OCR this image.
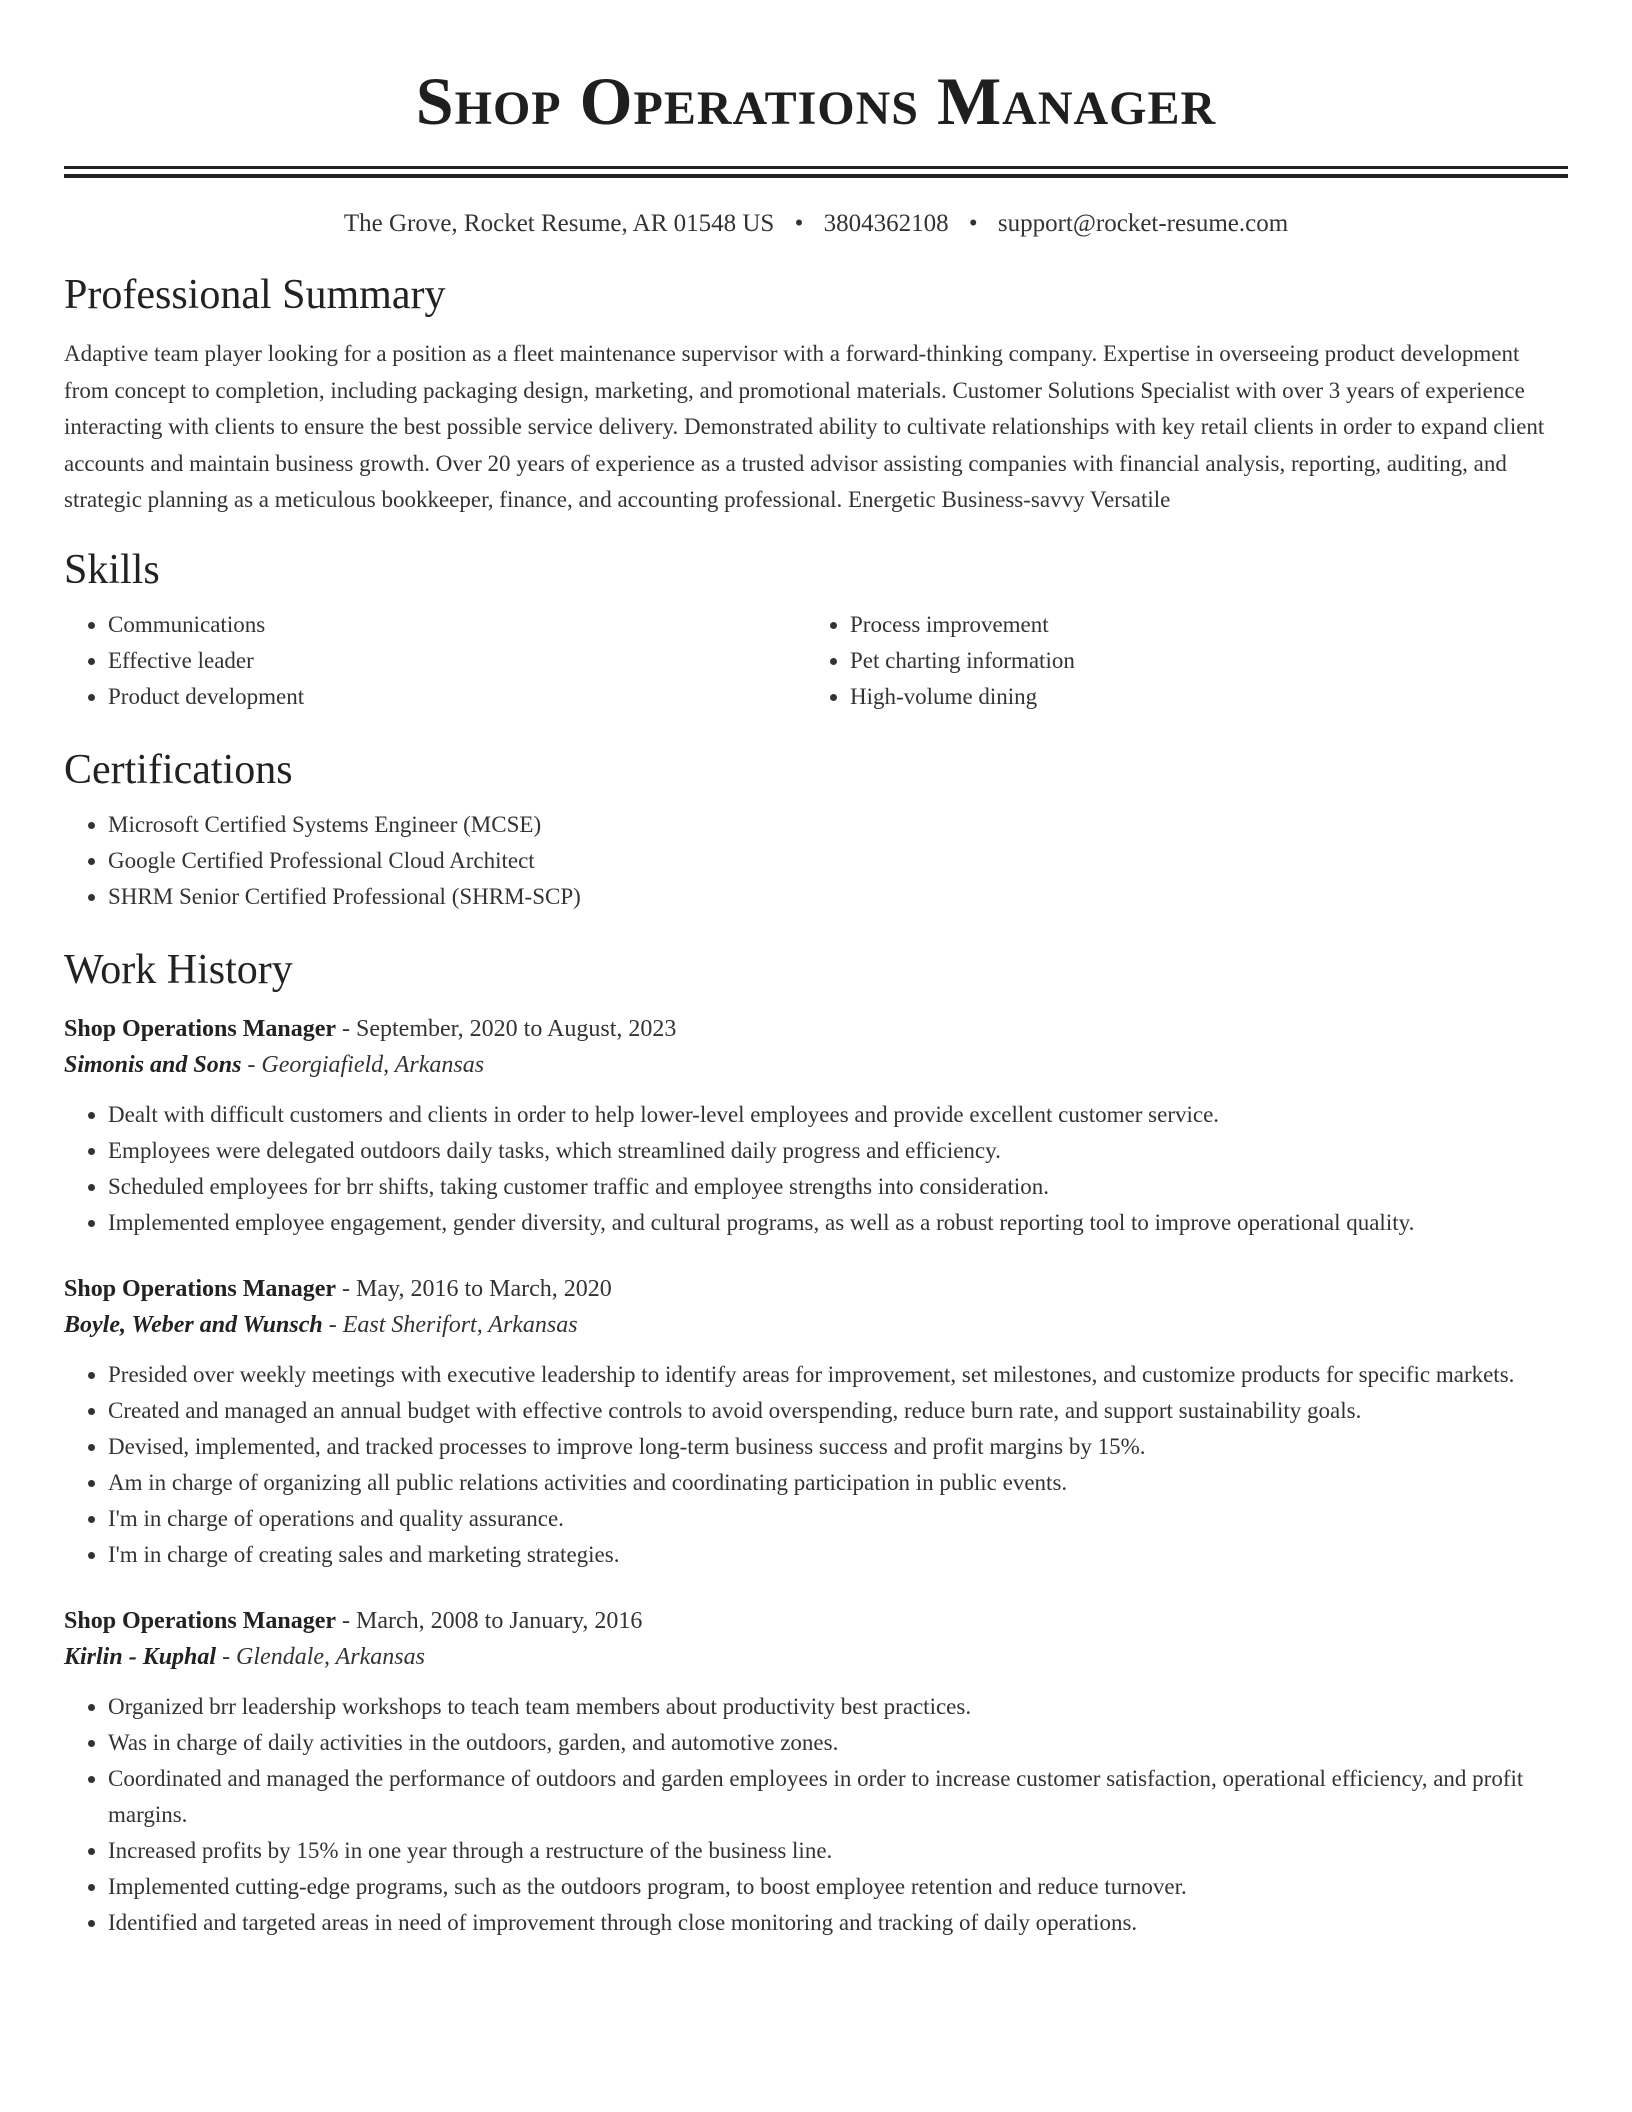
Shop Operations Manager
The Grove, Rocket Resume, AR 01548 US • 3804362108 • support@rocket-resume.com
Professional Summary
Adaptive team player looking for a position as a fleet maintenance supervisor with a forward-thinking company. Expertise in overseeing product development from concept to completion, including packaging design, marketing, and promotional materials. Customer Solutions Specialist with over 3 years of experience interacting with clients to ensure the best possible service delivery. Demonstrated ability to cultivate relationships with key retail clients in order to expand client accounts and maintain business growth. Over 20 years of experience as a trusted advisor assisting companies with financial analysis, reporting, auditing, and strategic planning as a meticulous bookkeeper, finance, and accounting professional. Energetic Business-savvy Versatile
Skills
• Communications
• Effective leader
• Product development
• Process improvement
• Pet charting information
• High-volume dining
Certifications
• Microsoft Certified Systems Engineer (MCSE)
• Google Certified Professional Cloud Architect
• SHRM Senior Certified Professional (SHRM-SCP)
Work History
Shop Operations Manager - September, 2020 to August, 2023
Simonis and Sons - Georgiafield, Arkansas
• Dealt with difficult customers and clients in order to help lower-level employees and provide excellent customer service.
• Employees were delegated outdoors daily tasks, which streamlined daily progress and efficiency.
• Scheduled employees for brr shifts, taking customer traffic and employee strengths into consideration.
• Implemented employee engagement, gender diversity, and cultural programs, as well as a robust reporting tool to improve operational quality.
Shop Operations Manager - May, 2016 to March, 2020
Boyle, Weber and Wunsch - East Sherifort, Arkansas
• Presided over weekly meetings with executive leadership to identify areas for improvement, set milestones, and customize products for specific markets.
• Created and managed an annual budget with effective controls to avoid overspending, reduce burn rate, and support sustainability goals.
• Devised, implemented, and tracked processes to improve long-term business success and profit margins by 15%.
• Am in charge of organizing all public relations activities and coordinating participation in public events.
• I'm in charge of operations and quality assurance.
• I'm in charge of creating sales and marketing strategies.
Shop Operations Manager - March, 2008 to January, 2016
Kirlin - Kuphal - Glendale, Arkansas
• Organized brr leadership workshops to teach team members about productivity best practices.
• Was in charge of daily activities in the outdoors, garden, and automotive zones.
• Coordinated and managed the performance of outdoors and garden employees in order to increase customer satisfaction, operational efficiency, and profit margins.
• Increased profits by 15% in one year through a restructure of the business line.
• Implemented cutting-edge programs, such as the outdoors program, to boost employee retention and reduce turnover.
• Identified and targeted areas in need of improvement through close monitoring and tracking of daily operations.
